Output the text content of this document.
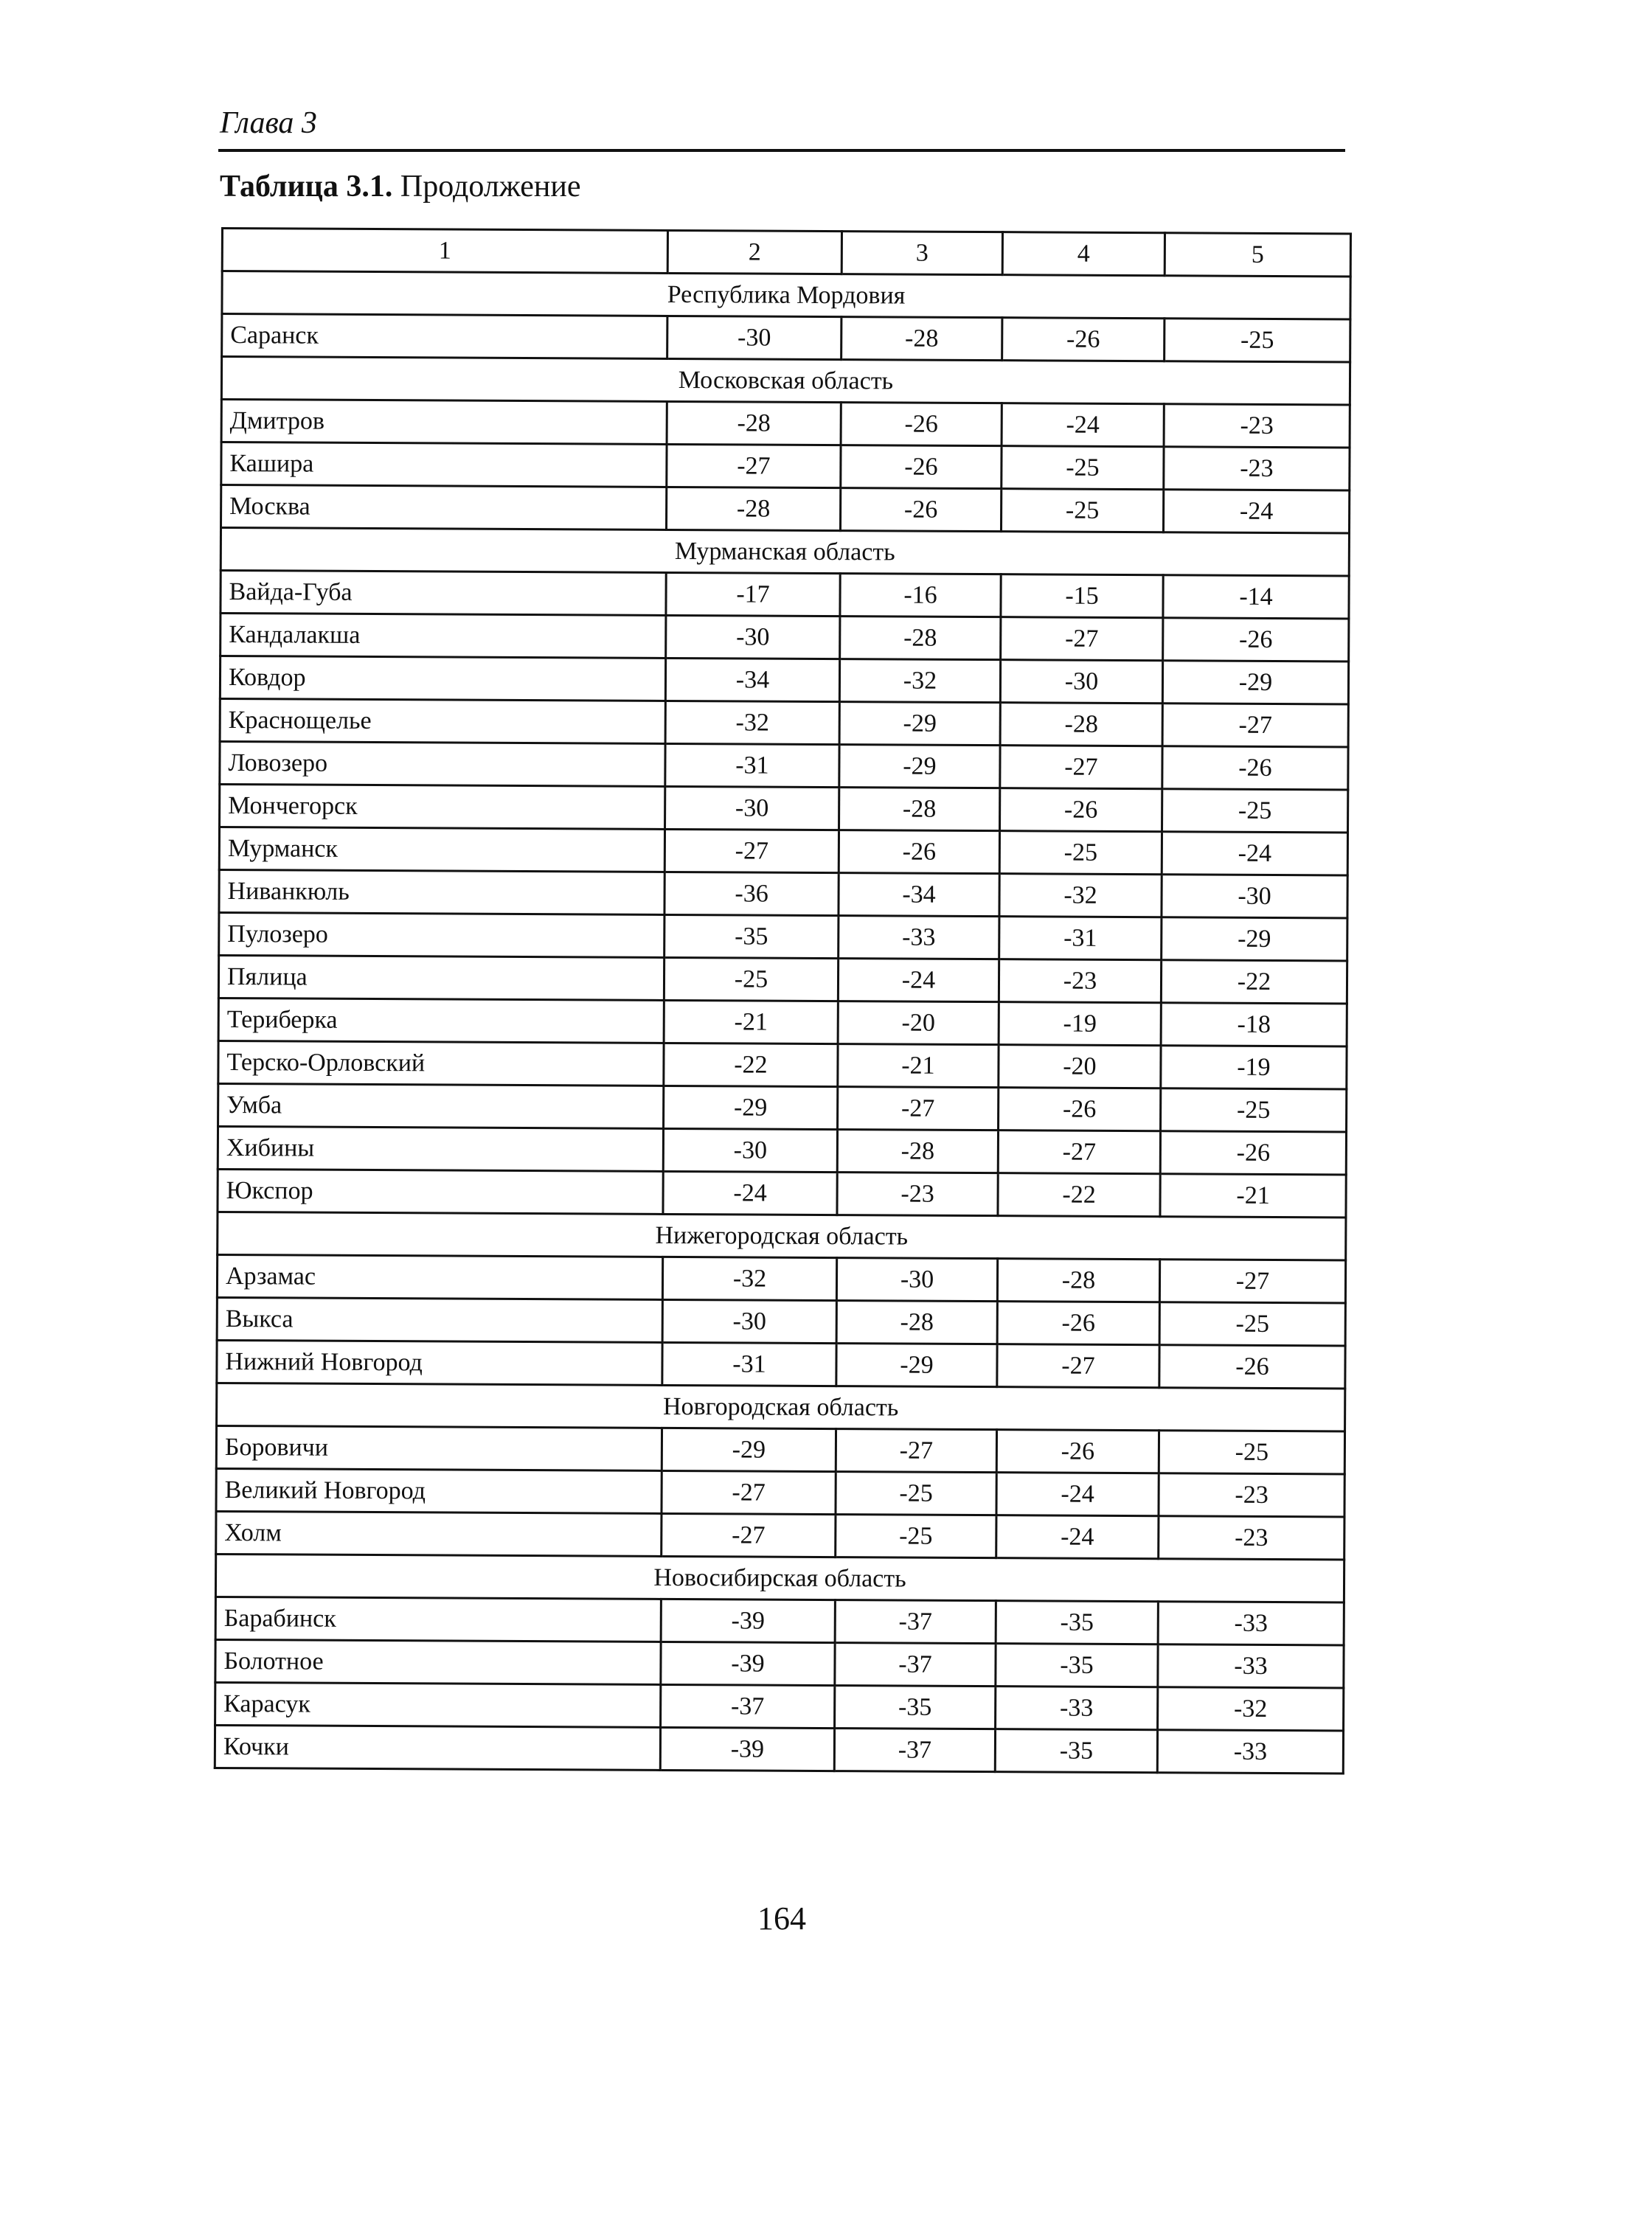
Глава 3
Таблица 3.1. Продолжение
1	2	3	4	5
Республика Мордовия				
Саранск	-30	-28	-26	-25
Московская область				
Дмитров	-28	-26	-24	-23
Кашира	-27	-26	-25	-23
Москва	-28	-26	-25	-24
Мурманская область				
Вайда-Губа	-17	-16	-15	-14
Кандалакша	-30	-28	-27	-26
Ковдор	-34	-32	-30	-29
Краснощелье	-32	-29	-28	-27
Ловозеро	-31	-29	-27	-26
Мончегорск	-30	-28	-26	-25
Мурманск	-27	-26	-25	-24
Ниванкюль	-36	-34	-32	-30
Пулозеро	-35	-33	-31	-29
Пялица	-25	-24	-23	-22
Териберка	-21	-20	-19	-18
Терско-Орловский	-22	-21	-20	-19
Умба	-29	-27	-26	-25
Хибины	-30	-28	-27	-26
Юкспор	-24	-23	-22	-21
Нижегородская область				
Арзамас	-32	-30	-28	-27
Выкса	-30	-28	-26	-25
Нижний Новгород	-31	-29	-27	-26
Новгородская область				
Боровичи	-29	-27	-26	-25
Великий Новгород	-27	-25	-24	-23
Холм	-27	-25	-24	-23
Новосибирская область				
Барабинск	-39	-37	-35	-33
Болотное	-39	-37	-35	-33
Карасук	-37	-35	-33	-32
Кочки	-39	-37	-35	-33
164
